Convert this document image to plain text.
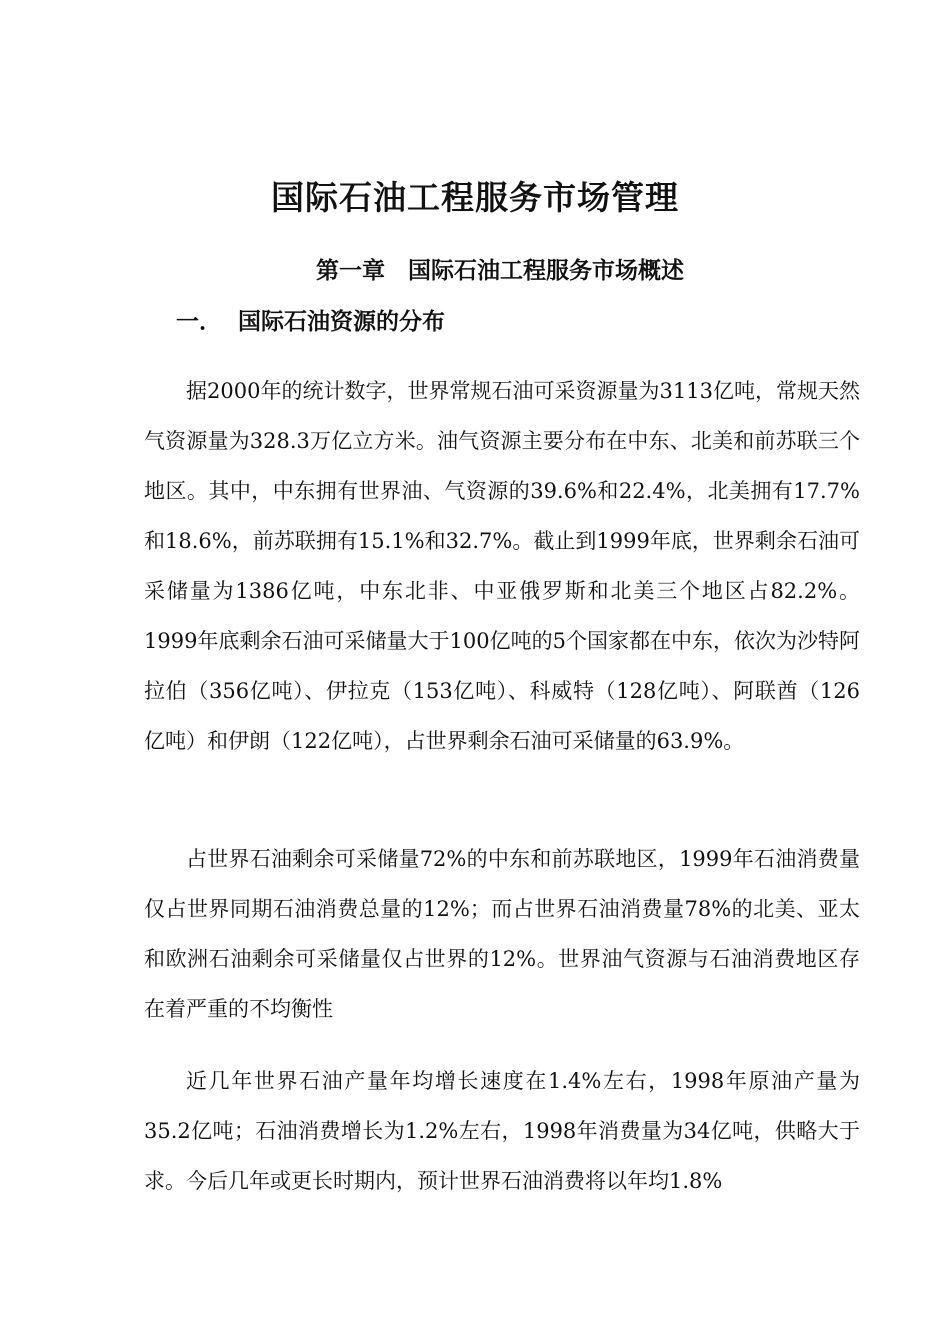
国际石油工程服务市场管理
第一章　国际石油工程服务市场概述
一．  国际石油资源的分布

据2000年的统计数字，世界常规石油可采资源量为3113亿吨，常规天然气资源量为328.3万亿立方米。油气资源主要分布在中东、北美和前苏联三个地区。其中，中东拥有世界油、气资源的39.6%和22.4%，北美拥有17.7%和18.6%，前苏联拥有15.1%和32.7%。截止到1999年底，世界剩余石油可采储量为1386亿吨，中东北非、中亚俄罗斯和北美三个地区占82.2%。1999年底剩余石油可采储量大于100亿吨的5个国家都在中东，依次为沙特阿拉伯（356亿吨）、伊拉克（153亿吨）、科威特（128亿吨）、阿联酋（126亿吨）和伊朗（122亿吨），占世界剩余石油可采储量的63.9%。

占世界石油剩余可采储量72%的中东和前苏联地区，1999年石油消费量仅占世界同期石油消费总量的12%；而占世界石油消费量78%的北美、亚太和欧洲石油剩余可采储量仅占世界的12%。世界油气资源与石油消费地区存在着严重的不均衡性

近几年世界石油产量年均增长速度在1.4%左右，1998年原油产量为35.2亿吨；石油消费增长为1.2%左右，1998年消费量为34亿吨，供略大于求。今后几年或更长时期内，预计世界石油消费将以年均1.8%
